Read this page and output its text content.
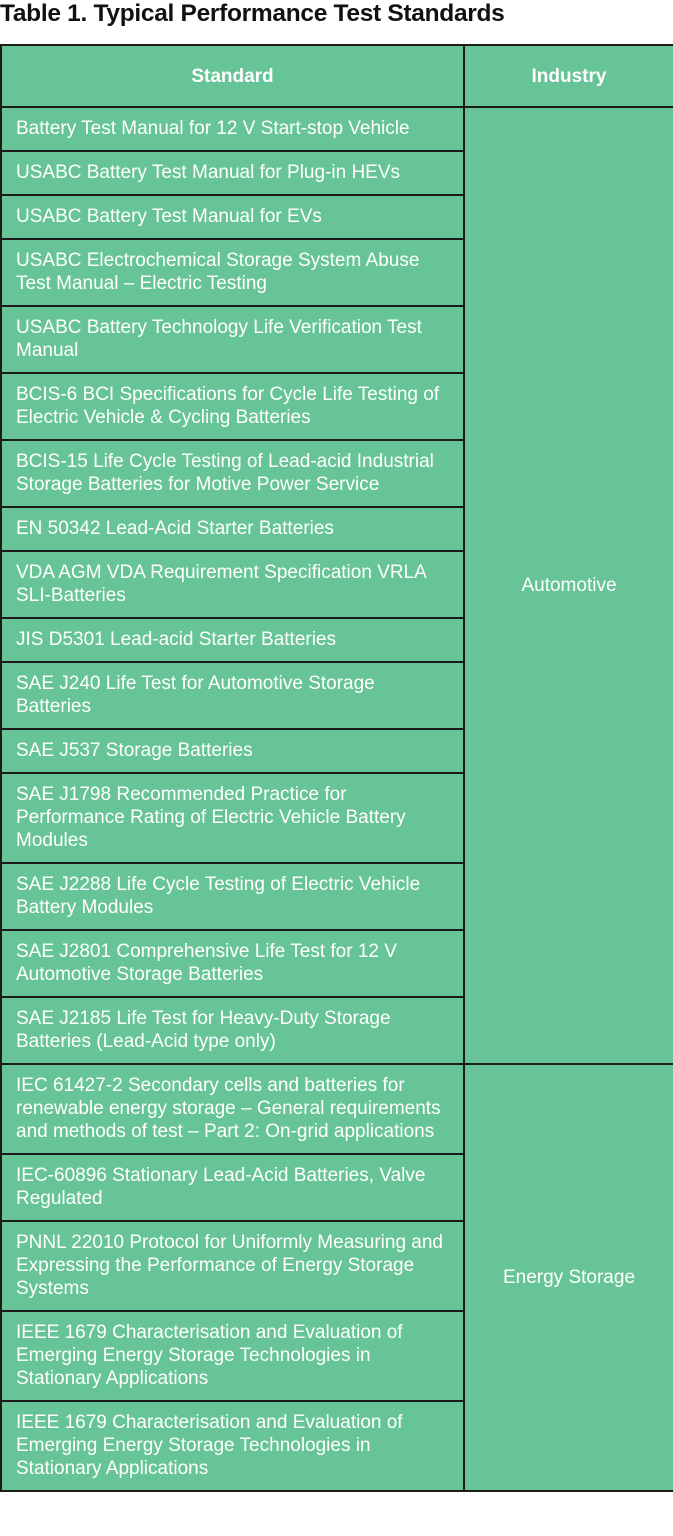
Table 1. Typical Performance Test Standards
Standard	Industry
Battery Test Manual for 12 V Start-stop Vehicle	Automotive
USABC Battery Test Manual for Plug-in HEVs	
USABC Battery Test Manual for EVs	
USABC Electrochemical Storage System Abuse Test Manual – Electric Testing	
USABC Battery Technology Life Verification Test Manual	
BCIS-6 BCI Specifications for Cycle Life Testing of Electric Vehicle & Cycling Batteries	
BCIS-15 Life Cycle Testing of Lead-acid Industrial Storage Batteries for Motive Power Service	
EN 50342 Lead-Acid Starter Batteries	
VDA AGM VDA Requirement Specification VRLA SLI-Batteries	
JIS D5301 Lead-acid Starter Batteries	
SAE J240 Life Test for Automotive Storage Batteries	
SAE J537 Storage Batteries	
SAE J1798 Recommended Practice for Performance Rating of Electric Vehicle Battery Modules	
SAE J2288 Life Cycle Testing of Electric Vehicle Battery Modules	
SAE J2801 Comprehensive Life Test for 12 V Automotive Storage Batteries	
SAE J2185 Life Test for Heavy-Duty Storage Batteries (Lead-Acid type only)	
IEC 61427-2 Secondary cells and batteries for renewable energy storage – General requirements and methods of test – Part 2: On-grid applications	Energy Storage
IEC-60896 Stationary Lead-Acid Batteries, Valve Regulated	
PNNL 22010 Protocol for Uniformly Measuring and Expressing the Performance of Energy Storage Systems	
IEEE 1679 Characterisation and Evaluation of Emerging Energy Storage Technologies in Stationary Applications	
IEEE 1679 Characterisation and Evaluation of Emerging Energy Storage Technologies in Stationary Applications	
